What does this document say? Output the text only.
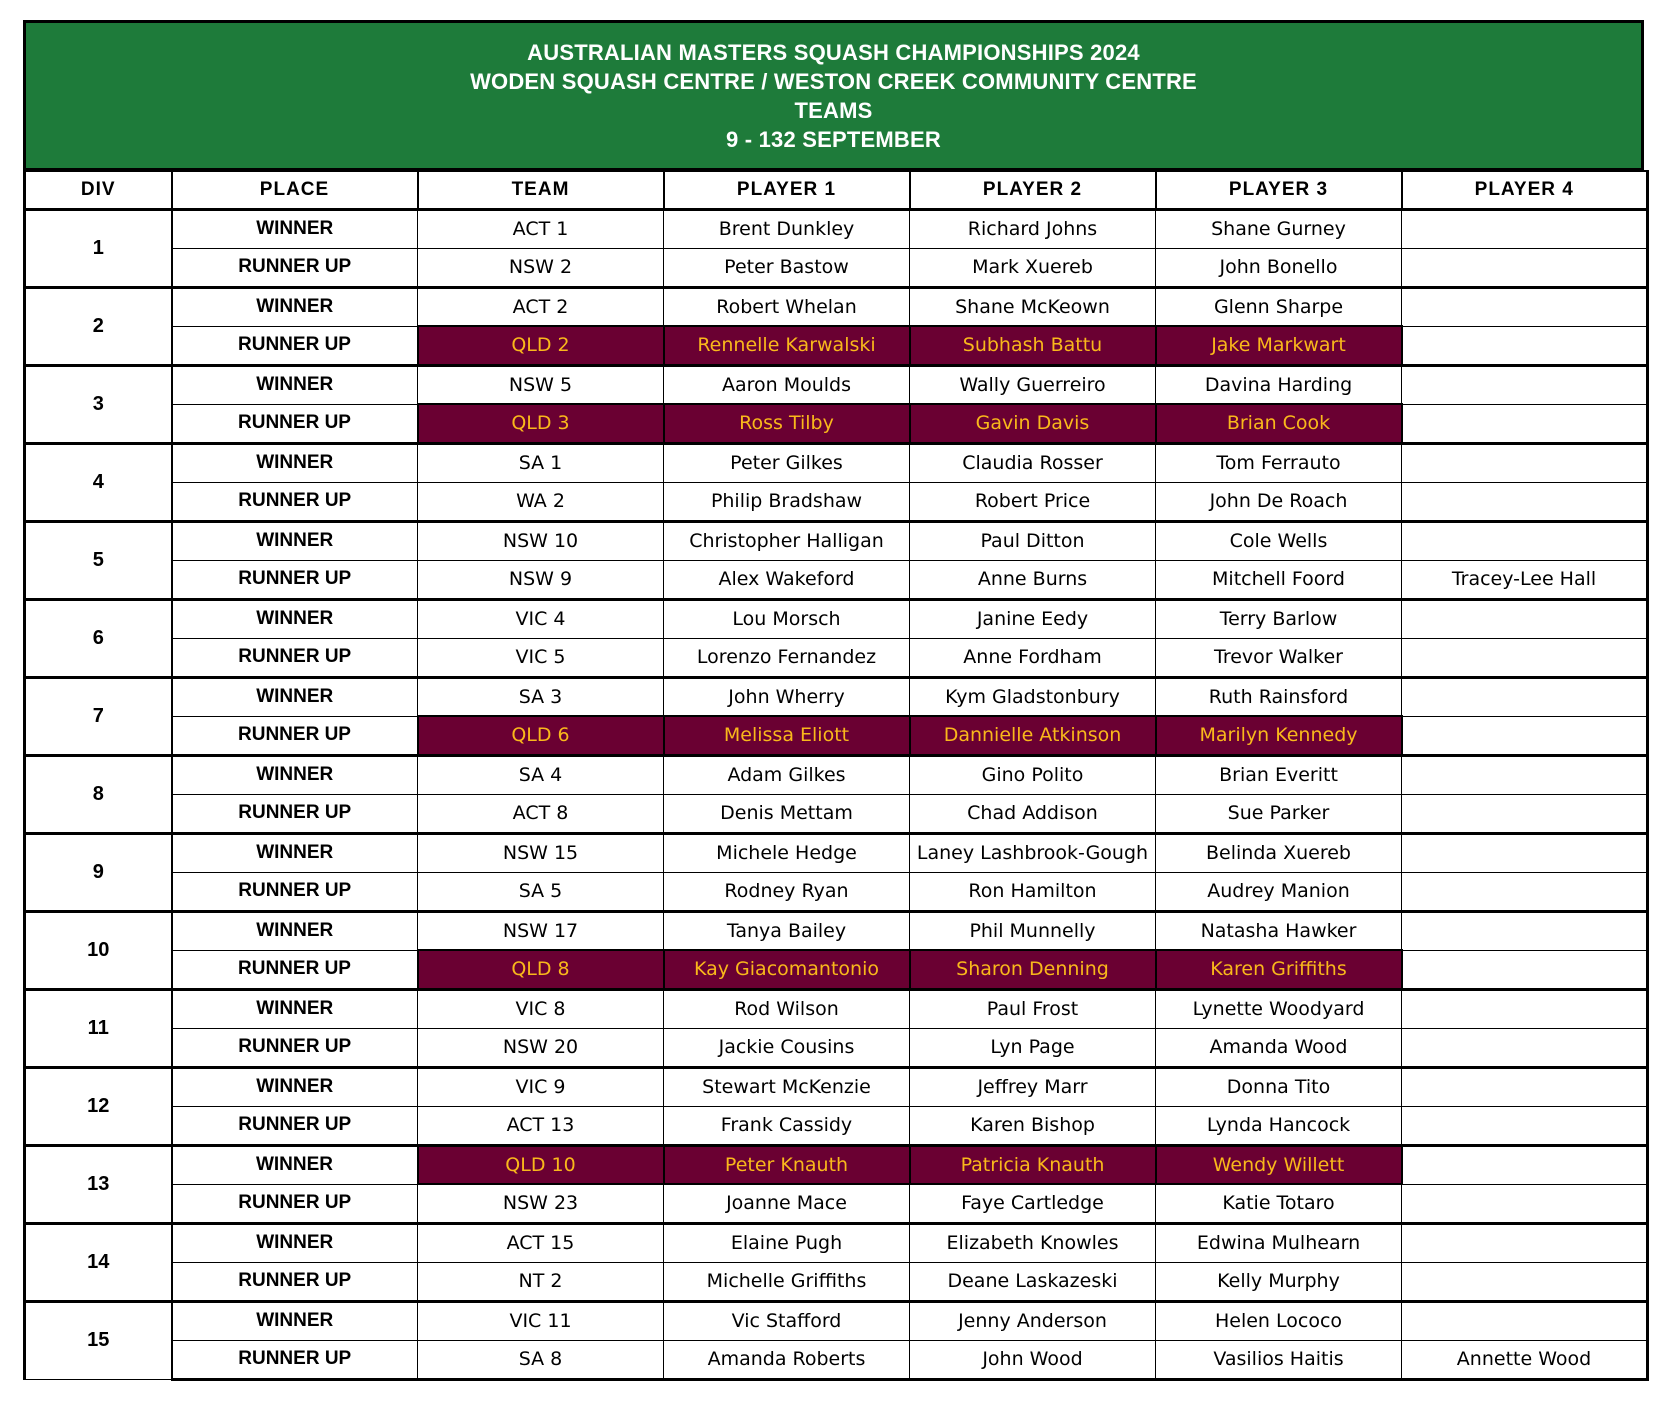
AUSTRALIAN MASTERS SQUASH CHAMPIONSHIPS 2024
WODEN SQUASH CENTRE / WESTON CREEK COMMUNITY CENTRE
TEAMS
9 - 132 SEPTEMBER
DIV	PLACE	TEAM	PLAYER 1	PLAYER 2	PLAYER 3	PLAYER 4
1	WINNER	ACT 1	Brent Dunkley	Richard Johns	Shane Gurney	
	RUNNER UP	NSW 2	Peter Bastow	Mark Xuereb	John Bonello	
2	WINNER	ACT 2	Robert Whelan	Shane McKeown	Glenn Sharpe	
	RUNNER UP	QLD 2	Rennelle Karwalski	Subhash Battu	Jake Markwart	
3	WINNER	NSW 5	Aaron Moulds	Wally Guerreiro	Davina Harding	
	RUNNER UP	QLD 3	Ross Tilby	Gavin Davis	Brian Cook	
4	WINNER	SA 1	Peter Gilkes	Claudia Rosser	Tom Ferrauto	
	RUNNER UP	WA 2	Philip Bradshaw	Robert Price	John De Roach	
5	WINNER	NSW 10	Christopher Halligan	Paul Ditton	Cole Wells	
	RUNNER UP	NSW 9	Alex Wakeford	Anne Burns	Mitchell Foord	Tracey-Lee Hall
6	WINNER	VIC 4	Lou Morsch	Janine Eedy	Terry Barlow	
	RUNNER UP	VIC 5	Lorenzo Fernandez	Anne Fordham	Trevor Walker	
7	WINNER	SA 3	John Wherry	Kym Gladstonbury	Ruth Rainsford	
	RUNNER UP	QLD 6	Melissa Eliott	Dannielle Atkinson	Marilyn Kennedy	
8	WINNER	SA 4	Adam Gilkes	Gino Polito	Brian Everitt	
	RUNNER UP	ACT 8	Denis Mettam	Chad Addison	Sue Parker	
9	WINNER	NSW 15	Michele Hedge	Laney Lashbrook-Gough	Belinda Xuereb	
	RUNNER UP	SA 5	Rodney Ryan	Ron Hamilton	Audrey Manion	
10	WINNER	NSW 17	Tanya Bailey	Phil Munnelly	Natasha Hawker	
	RUNNER UP	QLD 8	Kay Giacomantonio	Sharon Denning	Karen Griffiths	
11	WINNER	VIC 8	Rod Wilson	Paul Frost	Lynette Woodyard	
	RUNNER UP	NSW 20	Jackie Cousins	Lyn Page	Amanda Wood	
12	WINNER	VIC 9	Stewart McKenzie	Jeffrey Marr	Donna Tito	
	RUNNER UP	ACT 13	Frank Cassidy	Karen Bishop	Lynda Hancock	
13	WINNER	QLD 10	Peter Knauth	Patricia Knauth	Wendy Willett	
	RUNNER UP	NSW 23	Joanne Mace	Faye Cartledge	Katie Totaro	
14	WINNER	ACT 15	Elaine Pugh	Elizabeth Knowles	Edwina Mulhearn	
	RUNNER UP	NT 2	Michelle Griffiths	Deane Laskazeski	Kelly Murphy	
15	WINNER	VIC 11	Vic Stafford	Jenny Anderson	Helen Lococo	
	RUNNER UP	SA 8	Amanda Roberts	John Wood	Vasilios Haitis	Annette Wood
